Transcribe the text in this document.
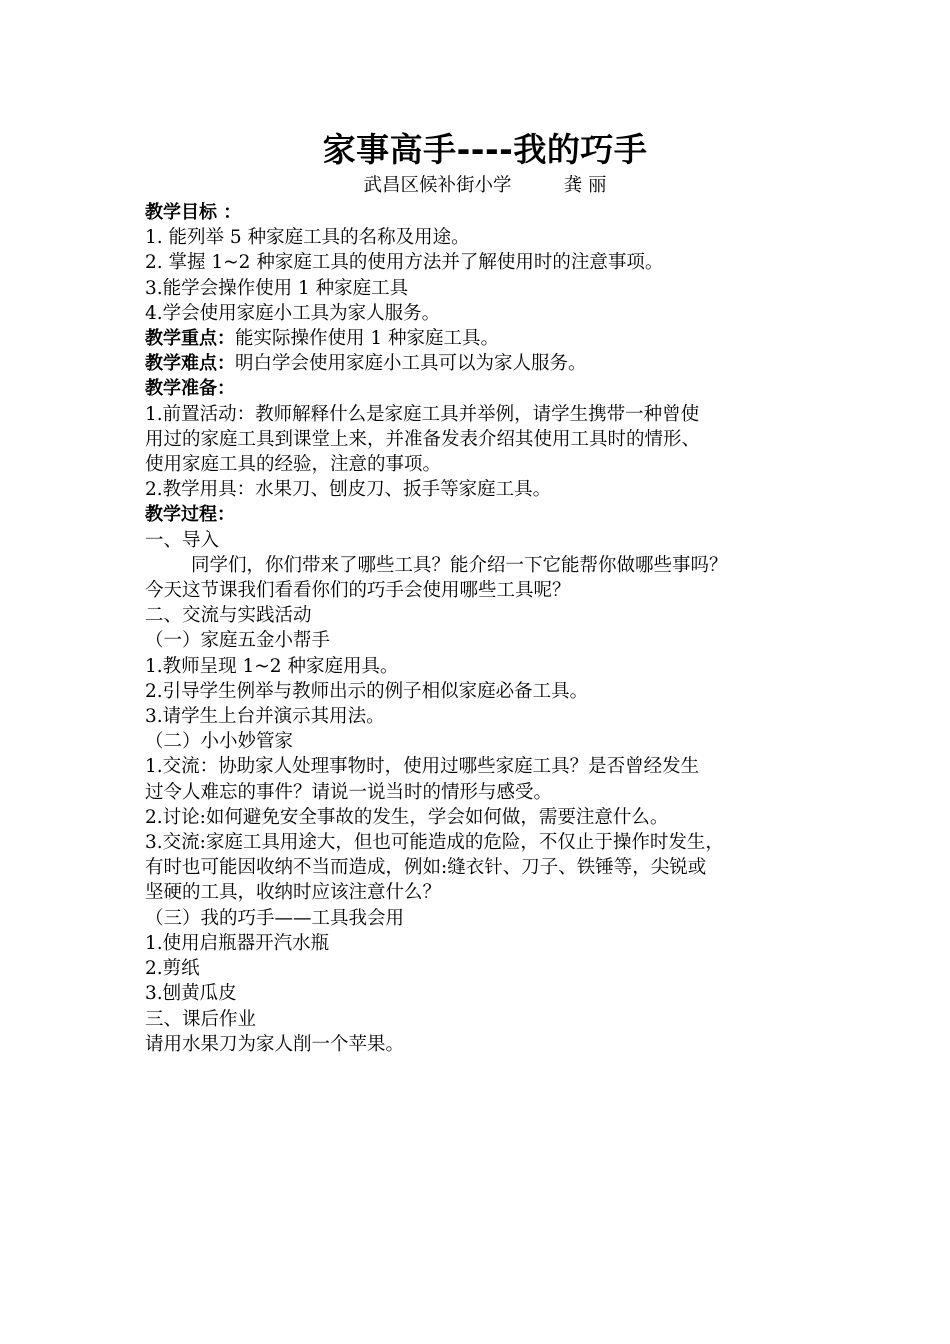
家事高手----我的巧手

武昌区候补街小学	龚 丽

教学目标 ：

1. 能列举 5 种家庭工具的名称及用途。

2. 掌握 1~2 种家庭工具的使用方法并了解使用时的注意事项。

3.能学会操作使用 1 种家庭工具

4.学会使用家庭小工具为家人服务。

教学重点：能实际操作使用 1 种家庭工具。

教学难点：明白学会使用家庭小工具可以为家人服务。

教学准备：

1.前置活动：教师解释什么是家庭工具并举例，请学生携带一种曾使

用过的家庭工具到课堂上来，并准备发表介绍其使用工具时的情形、

使用家庭工具的经验，注意的事项。

2.教学用具：水果刀、刨皮刀、扳手等家庭工具。

教学过程：

一、导入

同学们，你们带来了哪些工具？能介绍一下它能帮你做哪些事吗？

今天这节课我们看看你们的巧手会使用哪些工具呢？

二、交流与实践活动

（一）家庭五金小帮手

1.教师呈现 1~2 种家庭用具。

2.引导学生例举与教师出示的例子相似家庭必备工具。

3.请学生上台并演示其用法。

（二）小小妙管家

1.交流：协助家人处理事物时，使用过哪些家庭工具？是否曾经发生

过令人难忘的事件？请说一说当时的情形与感受。

2.讨论:如何避免安全事故的发生，学会如何做，需要注意什么。

3.交流:家庭工具用途大，但也可能造成的危险，不仅止于操作时发生，

有时也可能因收纳不当而造成，例如:缝衣针、刀子、铁锤等，尖锐或

坚硬的工具，收纳时应该注意什么？

（三）我的巧手——工具我会用

1.使用启瓶器开汽水瓶

2.剪纸

3.刨黄瓜皮

三、课后作业

请用水果刀为家人削一个苹果。
